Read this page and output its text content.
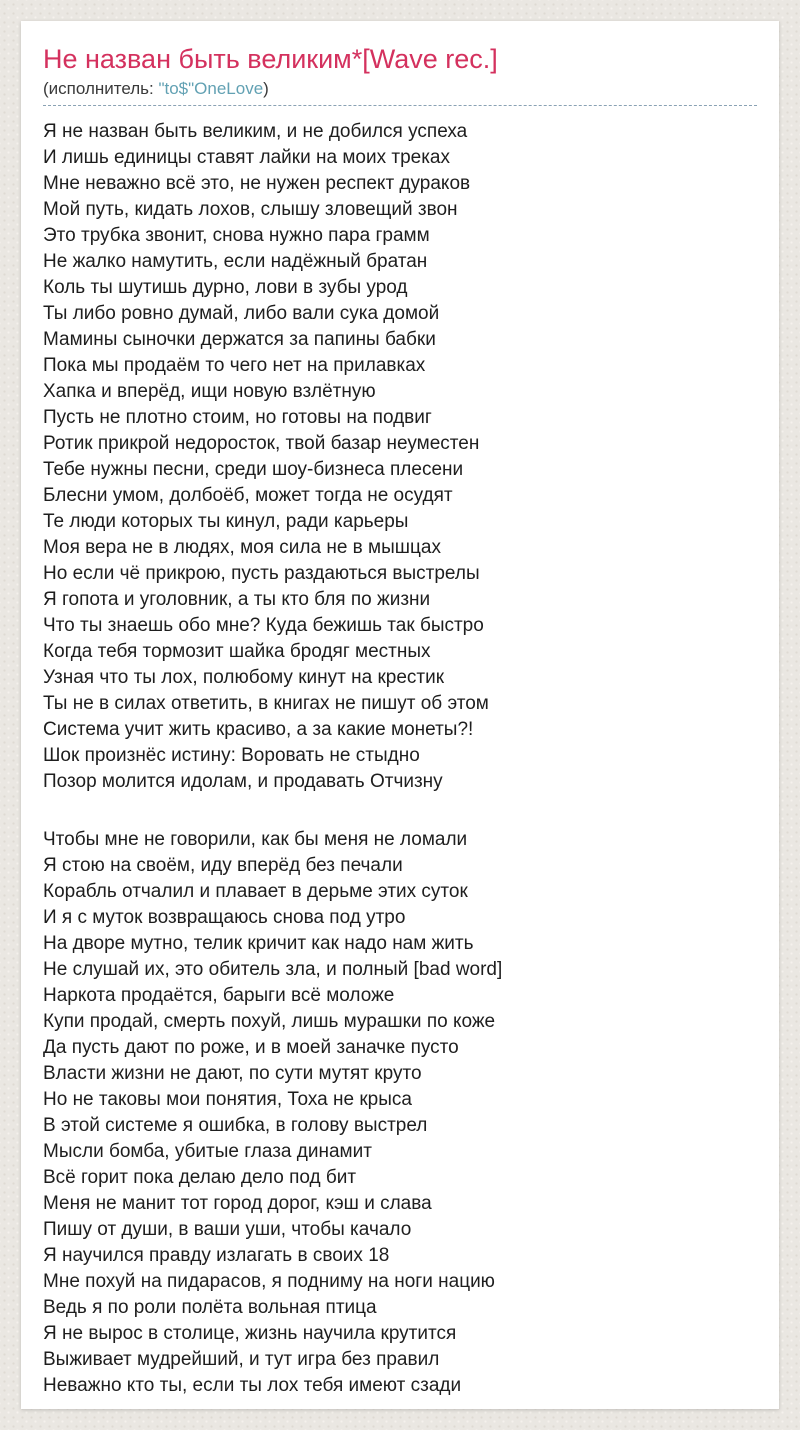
Не назван быть великим*[Wave rec.]
(исполнитель: "to$"OneLove)

Я не назван быть великим, и не добился успеха
И лишь единицы ставят лайки на моих треках
Мне неважно всё это, не нужен респект дураков
Мой путь, кидать лохов, слышу зловещий звон
Это трубка звонит, снова нужно пара грамм
Не жалко намутить, если надёжный братан
Коль ты шутишь дурно, лови в зубы урод
Ты либо ровно думай, либо вали сука домой
Мамины сыночки держатся за папины бабки
Пока мы продаём то чего нет на прилавках
Хапка и вперёд, ищи новую взлётную
Пусть не плотно стоим, но готовы на подвиг
Ротик прикрой недоросток, твой базар неуместен
Тебе нужны песни, среди шоу-бизнеса плесени
Блесни умом, долбоёб, может тогда не осудят
Те люди которых ты кинул, ради карьеры
Моя вера не в людях, моя сила не в мышцах
Но если чё прикрою, пусть раздаються выстрелы
Я гопота и уголовник, а ты кто бля по жизни
Что ты знаешь обо мне? Куда бежишь так быстро
Когда тебя тормозит шайка бродяг местных
Узная что ты лох, полюбому кинут на крестик
Ты не в силах ответить, в книгах не пишут об этом
Система учит жить красиво, а за какие монеты?!
Шок произнёс истину: Воровать не стыдно
Позор молится идолам, и продавать Отчизну

Чтобы мне не говорили, как бы меня не ломали
Я стою на своём, иду вперёд без печали
Корабль отчалил и плавает в дерьме этих суток
И я с муток возвращаюсь снова под утро
На дворе мутно, телик кричит как надо нам жить
Не слушай их, это обитель зла, и полный [bad word]
Наркота продаётся, барыги всё моложе
Купи продай, смерть похуй, лишь мурашки по коже
Да пусть дают по роже, и в моей заначке пусто
Власти жизни не дают, по сути мутят круто
Но не таковы мои понятия, Тоха не крыса
В этой системе я ошибка, в голову выстрел
Мысли бомба, убитые глаза динамит
Всё горит пока делаю дело под бит
Меня не манит тот город дорог, кэш и слава
Пишу от души, в ваши уши, чтобы качало
Я научился правду излагать в своих 18
Мне похуй на пидарасов, я подниму на ноги нацию
Ведь я по роли полёта вольная птица
Я не вырос в столице, жизнь научила крутится
Выживает мудрейший, и тут игра без правил
Неважно кто ты, если ты лох тебя имеют сзади
